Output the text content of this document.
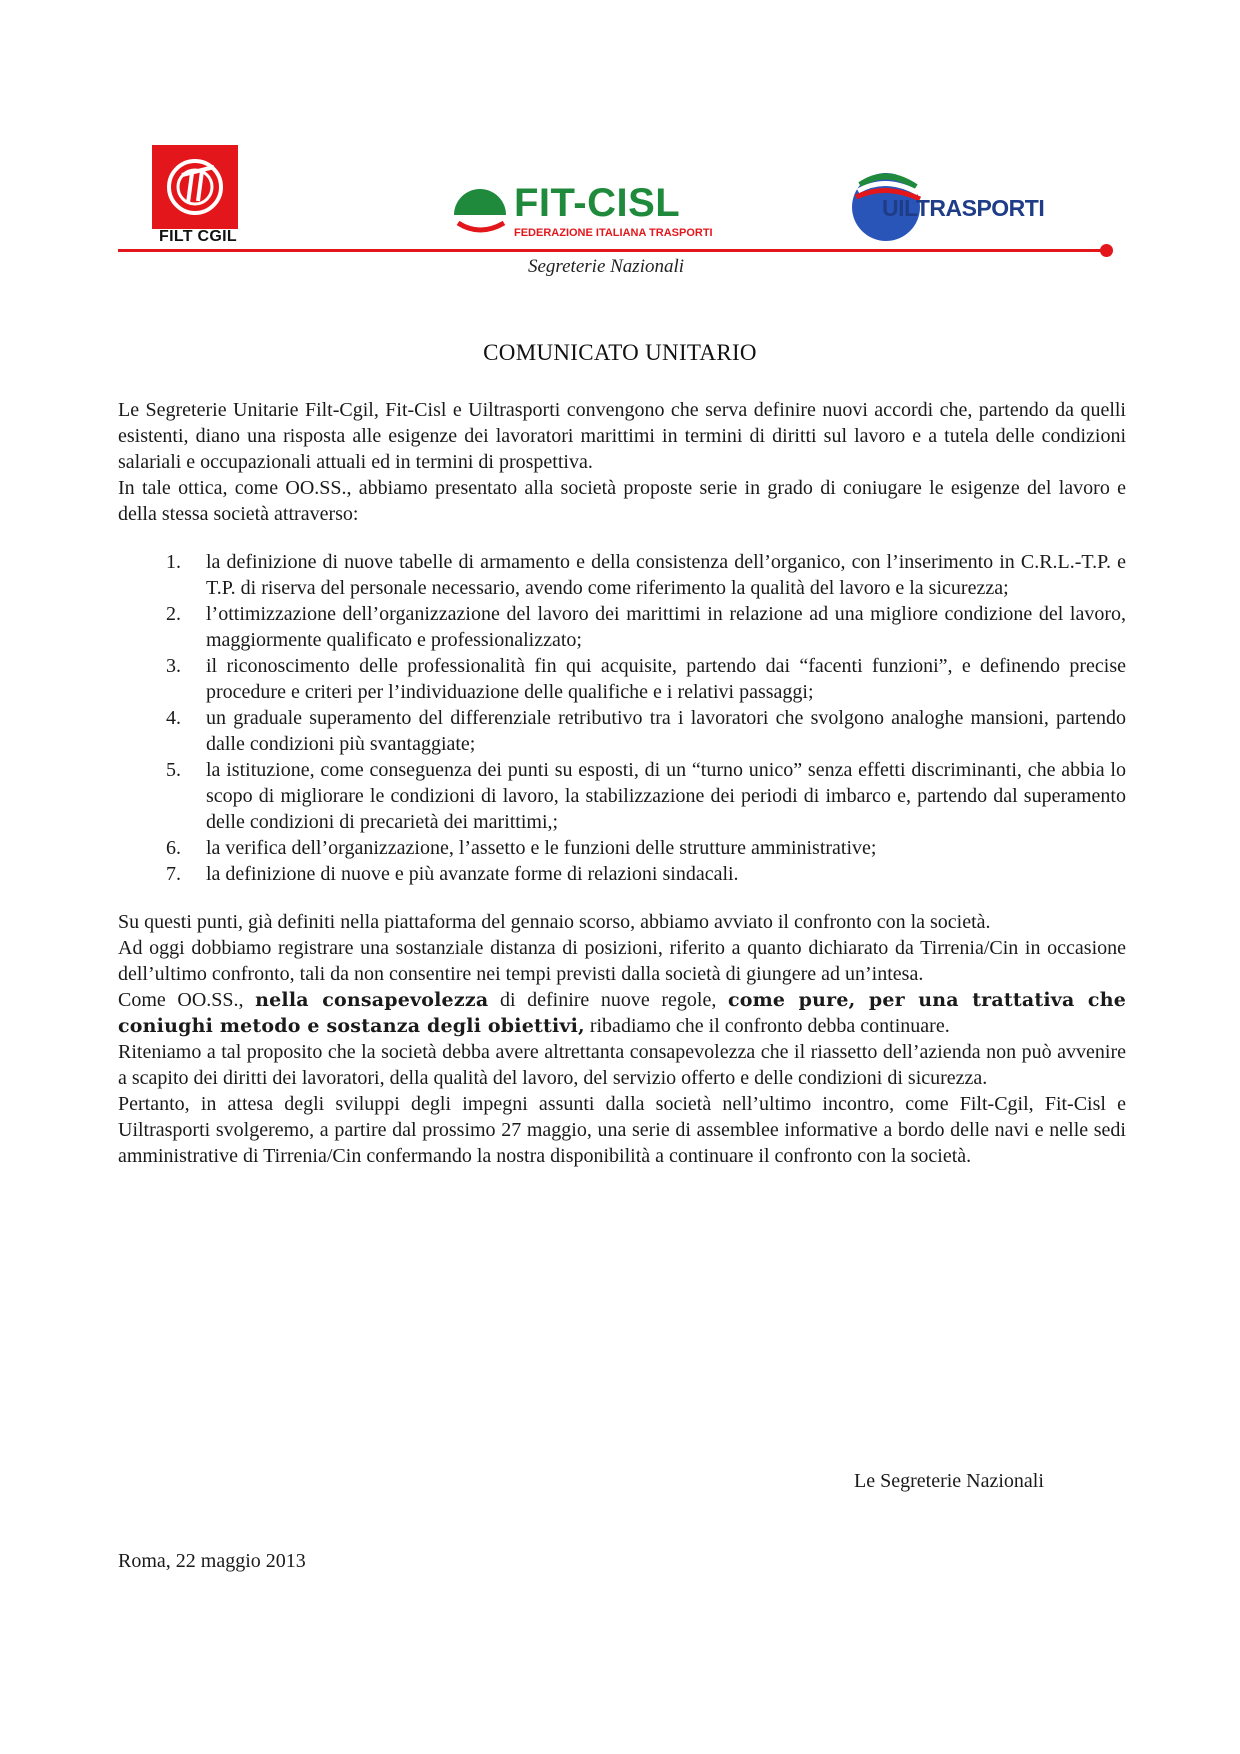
FILT CGIL
FIT-CISL
FEDERAZIONE ITALIANA TRASPORTI
UILTRASPORTI
Segreterie Nazionali
COMUNICATO UNITARIO

Le Segreterie Unitarie Filt-Cgil, Fit-Cisl e Uiltrasporti convengono che serva definire nuovi accordi che, partendo da quelli esistenti, diano una risposta alle esigenze dei lavoratori marittimi in termini di diritti sul lavoro e a tutela delle condizioni salariali e occupazionali attuali ed in termini di prospettiva.

In tale ottica, come OO.SS., abbiamo presentato alla società proposte serie in grado di coniugare le esigenze del lavoro e della stessa società attraverso:

1.	la definizione di nuove tabelle di armamento e della consistenza dell’organico, con l’inserimento in C.R.L.-T.P. e T.P. di riserva del personale necessario, avendo come riferimento la qualità del lavoro e la sicurezza;
2.	l’ottimizzazione dell’organizzazione del lavoro dei marittimi in relazione ad una migliore condizione del lavoro, maggiormente qualificato e professionalizzato;
3.	il riconoscimento delle professionalità fin qui acquisite, partendo dai “facenti funzioni”, e definendo precise procedure e criteri per l’individuazione delle qualifiche e i relativi passaggi;
4.	un graduale superamento del differenziale retributivo tra i lavoratori che svolgono analoghe mansioni, partendo dalle condizioni più svantaggiate;
5.	la istituzione, come conseguenza dei punti su esposti, di un “turno unico” senza effetti discriminanti, che abbia lo scopo di migliorare le condizioni di lavoro, la stabilizzazione dei periodi di imbarco e, partendo dal superamento delle condizioni di precarietà dei marittimi,;
6.	la verifica dell’organizzazione, l’assetto e le funzioni delle strutture amministrative;
7.	la definizione di nuove e più avanzate forme di relazioni sindacali.

Su questi punti, già definiti nella piattaforma del gennaio scorso, abbiamo avviato il confronto con la società.

Ad oggi dobbiamo registrare una sostanziale distanza di posizioni, riferito a quanto dichiarato da Tirrenia/Cin in occasione dell’ultimo confronto, tali da non consentire nei tempi previsti dalla società di giungere ad un’intesa.

Come OO.SS., nella consapevolezza di definire nuove regole, come pure, per una trattativa che coniughi metodo e sostanza degli obiettivi, ribadiamo che il confronto debba continuare.

Riteniamo a tal proposito che la società debba avere altrettanta consapevolezza che il riassetto dell’azienda non può avvenire a scapito dei diritti dei lavoratori, della qualità del lavoro, del servizio offerto e delle condizioni di sicurezza.

Pertanto, in attesa degli sviluppi degli impegni assunti dalla società nell’ultimo incontro, come Filt-Cgil, Fit-Cisl e Uiltrasporti svolgeremo, a partire dal prossimo 27 maggio, una serie di assemblee informative a bordo delle navi e nelle sedi amministrative di Tirrenia/Cin confermando la nostra disponibilità a continuare il confronto con la società.

Le Segreterie Nazionali
Roma, 22 maggio 2013
